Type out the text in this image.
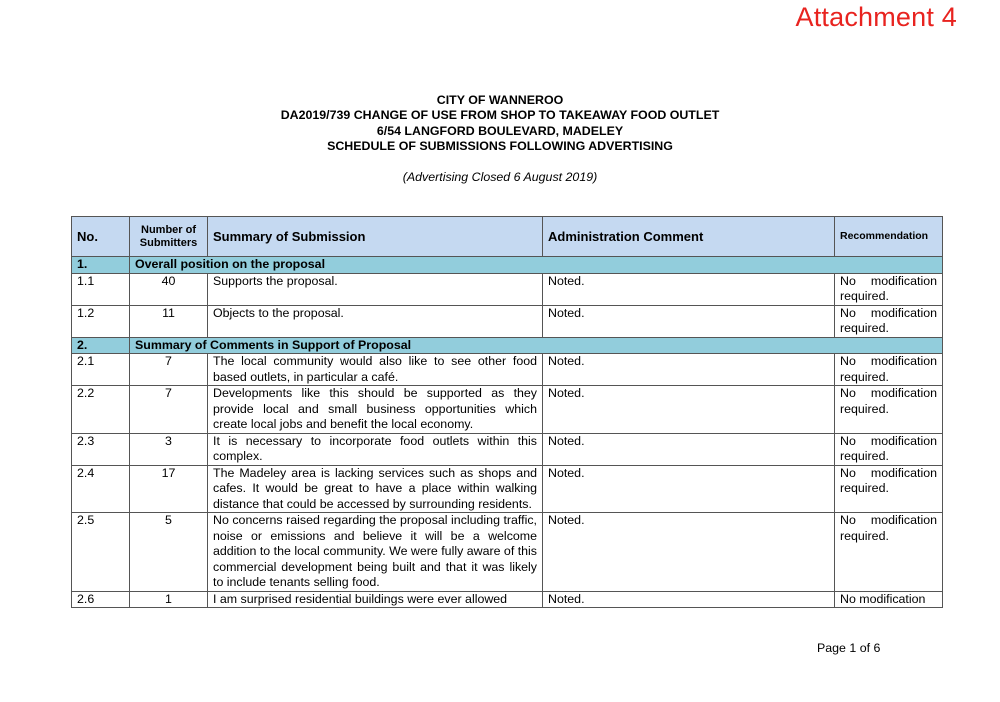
Attachment 4
CITY OF WANNEROO
DA2019/739 CHANGE OF USE FROM SHOP TO TAKEAWAY FOOD OUTLET
6/54 LANGFORD BOULEVARD, MADELEY
SCHEDULE OF SUBMISSIONS FOLLOWING ADVERTISING
(Advertising Closed 6 August 2019)
No.	Number of Submitters	Summary of Submission	Administration Comment	Recommendation
1.	Overall position on the proposal			
1.1	40	Supports the proposal.	Noted.	No modification required.
1.2	11	Objects to the proposal.	Noted.	No modification required.
2.	Summary of Comments in Support of Proposal			
2.1	7	The local community would also like to see other food based outlets, in particular a café.	Noted.	No modification required.
2.2	7	Developments like this should be supported as they provide local and small business opportunities which create local jobs and benefit the local economy.	Noted.	No modification required.
2.3	3	It is necessary to incorporate food outlets within this complex.	Noted.	No modification required.
2.4	17	The Madeley area is lacking services such as shops and cafes. It would be great to have a place within walking distance that could be accessed by surrounding residents.	Noted.	No modification required.
2.5	5	No concerns raised regarding the proposal including traffic, noise or emissions and believe it will be a welcome addition to the local community. We were fully aware of this commercial development being built and that it was likely to include tenants selling food.	Noted.	No modification required.
2.6	1	I am surprised residential buildings were ever allowed	Noted.	No modification
Page 1 of 6
